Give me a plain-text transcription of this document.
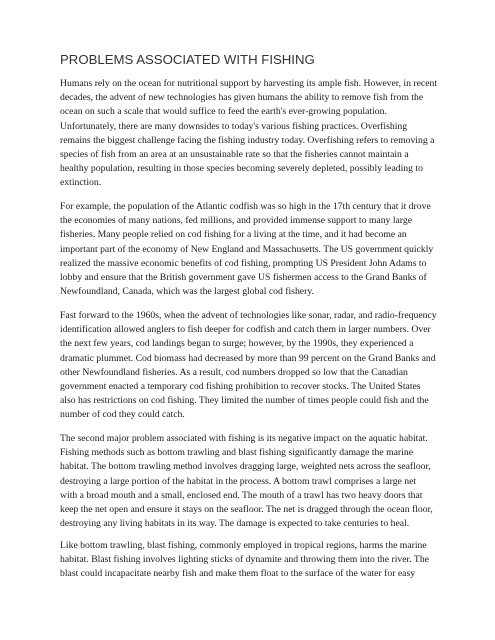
PROBLEMS ASSOCIATED WITH FISHING

Humans rely on the ocean for nutritional support by harvesting its ample fish. However, in recent
decades, the advent of new technologies has given humans the ability to remove fish from the
ocean on such a scale that would suffice to feed the earth's ever-growing population.
Unfortunately, there are many downsides to today's various fishing practices. Overfishing
remains the biggest challenge facing the fishing industry today. Overfishing refers to removing a
species of fish from an area at an unsustainable rate so that the fisheries cannot maintain a
healthy population, resulting in those species becoming severely depleted, possibly leading to
extinction.

For example, the population of the Atlantic codfish was so high in the 17th century that it drove
the economies of many nations, fed millions, and provided immense support to many large
fisheries. Many people relied on cod fishing for a living at the time, and it had become an
important part of the economy of New England and Massachusetts. The US government quickly
realized the massive economic benefits of cod fishing, prompting US President John Adams to
lobby and ensure that the British government gave US fishermen access to the Grand Banks of
Newfoundland, Canada, which was the largest global cod fishery.

Fast forward to the 1960s, when the advent of technologies like sonar, radar, and radio-frequency
identification allowed anglers to fish deeper for codfish and catch them in larger numbers. Over
the next few years, cod landings began to surge; however, by the 1990s, they experienced a
dramatic plummet. Cod biomass had decreased by more than 99 percent on the Grand Banks and
other Newfoundland fisheries. As a result, cod numbers dropped so low that the Canadian
government enacted a temporary cod fishing prohibition to recover stocks. The United States
also has restrictions on cod fishing. They limited the number of times people could fish and the
number of cod they could catch.

The second major problem associated with fishing is its negative impact on the aquatic habitat.
Fishing methods such as bottom trawling and blast fishing significantly damage the marine
habitat. The bottom trawling method involves dragging large, weighted nets across the seafloor,
destroying a large portion of the habitat in the process. A bottom trawl comprises a large net
with a broad mouth and a small, enclosed end. The mouth of a trawl has two heavy doors that
keep the net open and ensure it stays on the seafloor. The net is dragged through the ocean floor,
destroying any living habitats in its way. The damage is expected to take centuries to heal.

Like bottom trawling, blast fishing, commonly employed in tropical regions, harms the marine
habitat. Blast fishing involves lighting sticks of dynamite and throwing them into the river. The
blast could incapacitate nearby fish and make them float to the surface of the water for easy
